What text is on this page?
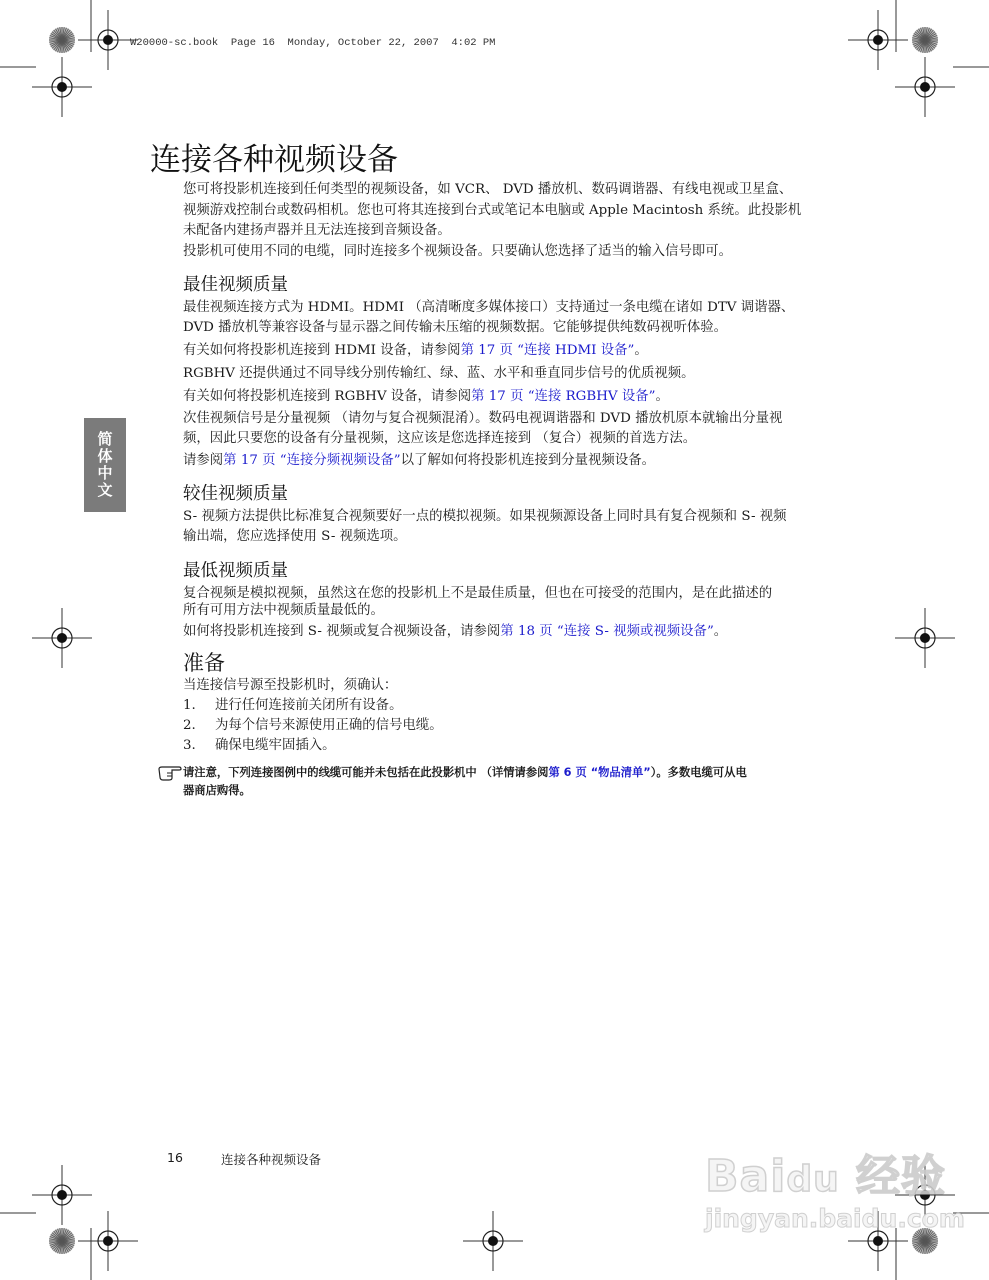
W20000-sc.book  Page 16  Monday, October 22, 2007  4:02 PM
连接各种视频设备
您可将投影机连接到任何类型的视频设备，如 VCR、 DVD 播放机、数码调谐器、有线电视或卫星盒、
视频游戏控制台或数码相机。您也可将其连接到台式或笔记本电脑或 Apple Macintosh 系统。此投影机
未配备内建扬声器并且无法连接到音频设备。
投影机可使用不同的电缆，同时连接多个视频设备。只要确认您选择了适当的输入信号即可。
最佳视频质量
最佳视频连接方式为 HDMI。HDMI （高清晰度多媒体接口）支持通过一条电缆在诸如 DTV 调谐器、
DVD 播放机等兼容设备与显示器之间传输未压缩的视频数据。它能够提供纯数码视听体验。
有关如何将投影机连接到 HDMI 设备，请参阅第 17 页 “连接 HDMI 设备”。
RGBHV 还提供通过不同导线分别传输红、绿、蓝、水平和垂直同步信号的优质视频。
有关如何将投影机连接到 RGBHV 设备，请参阅第 17 页 “连接 RGBHV 设备”。
次佳视频信号是分量视频 （请勿与复合视频混淆）。数码电视调谐器和 DVD 播放机原本就输出分量视
频，因此只要您的设备有分量视频，这应该是您选择连接到 （复合）视频的首选方法。
请参阅第 17 页 “连接分频视频设备”以了解如何将投影机连接到分量视频设备。
较佳视频质量
S- 视频方法提供比标准复合视频要好一点的模拟视频。如果视频源设备上同时具有复合视频和 S- 视频
输出端，您应选择使用 S- 视频选项。
最低视频质量
复合视频是模拟视频，虽然这在您的投影机上不是最佳质量，但也在可接受的范围内，是在此描述的
所有可用方法中视频质量最低的。
如何将投影机连接到 S- 视频或复合视频设备，请参阅第 18 页 “连接 S- 视频或视频设备”。
准备
当连接信号源至投影机时，须确认：
1. 进行任何连接前关闭所有设备。
2. 为每个信号来源使用正确的信号电缆。
3. 确保电缆牢固插入。
请注意，下列连接图例中的线缆可能并未包括在此投影机中 （详情请参阅第 6 页 “物品清单”）。多数电缆可从电
器商店购得。
简体中文
16	连接各种视频设备	Baidu 经验
jingyan.baidu.com
